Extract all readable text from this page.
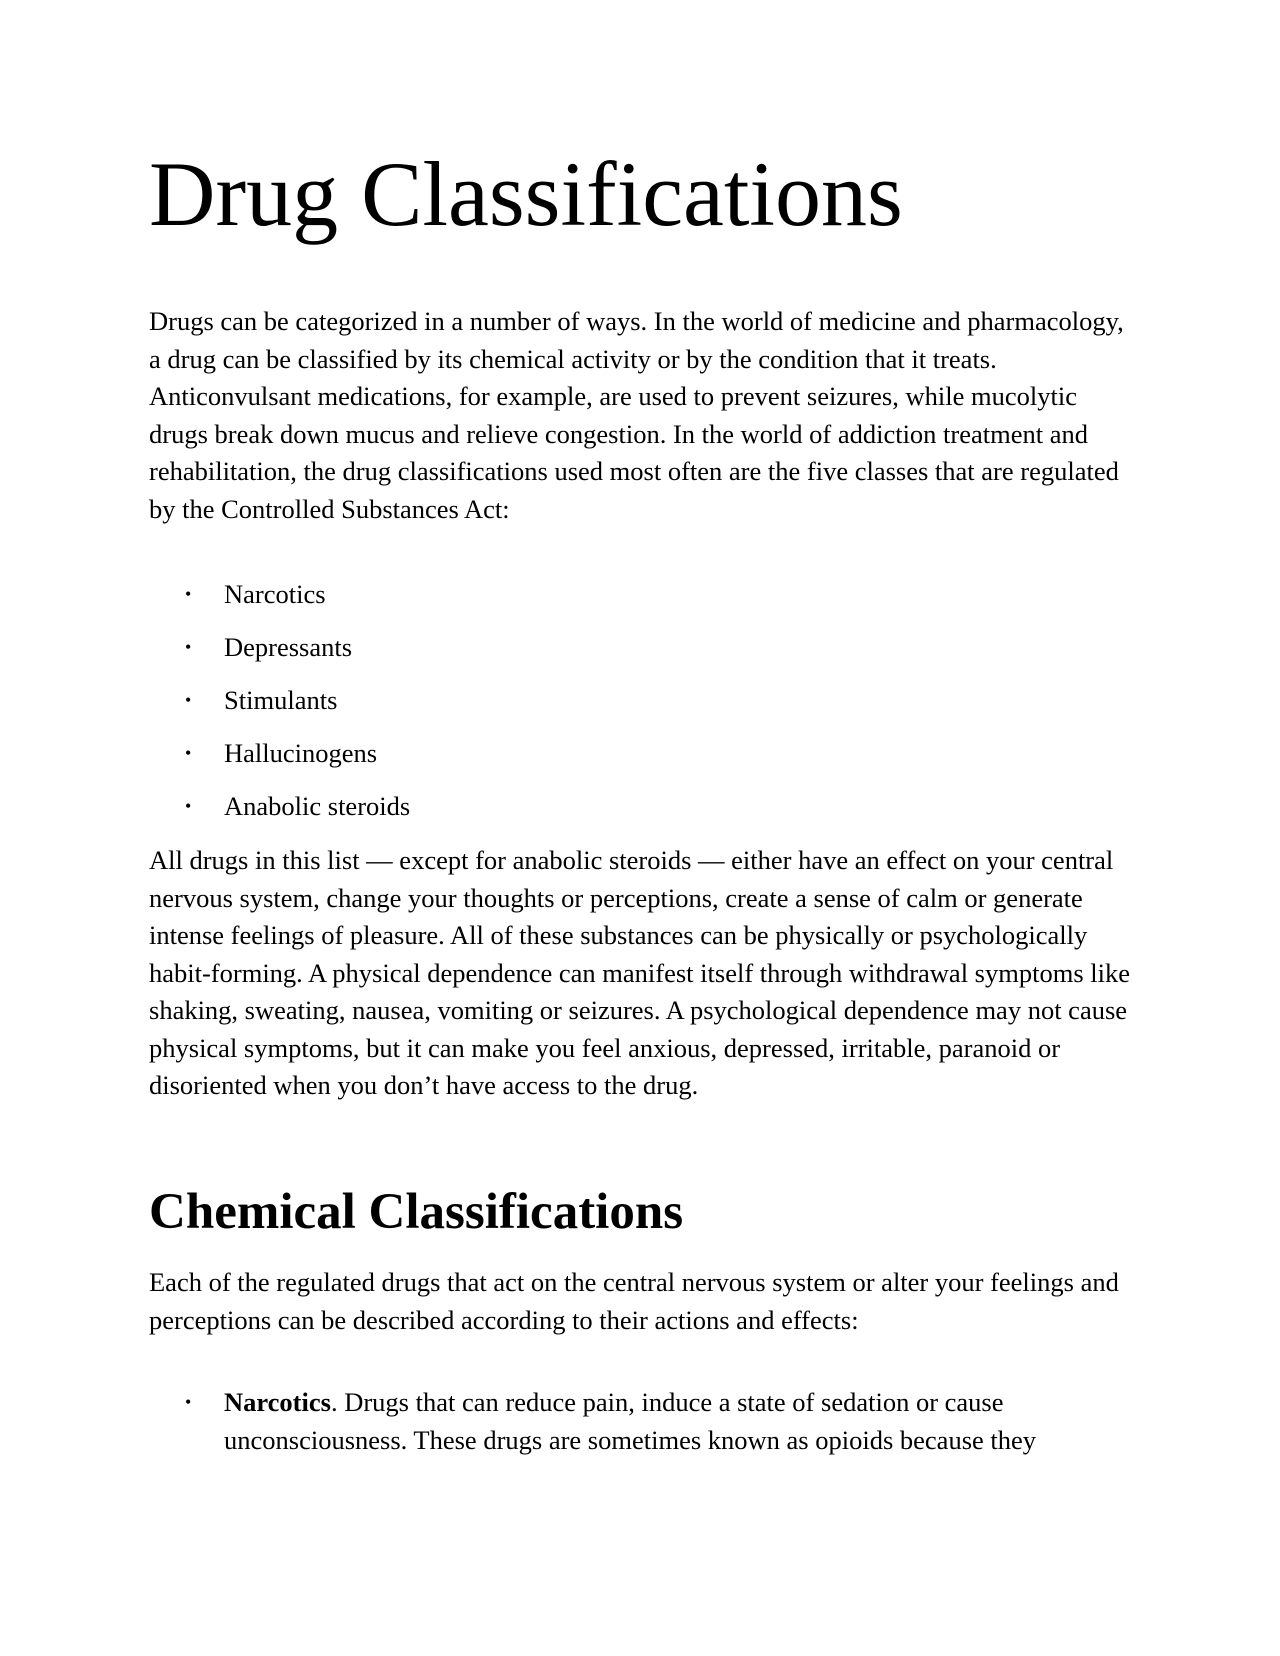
Drug Classifications

Drugs can be categorized in a number of ways. In the world of medicine and pharmacology, a drug can be classified by its chemical activity or by the condition that it treats. Anticonvulsant medications, for example, are used to prevent seizures, while mucolytic drugs break down mucus and relieve congestion. In the world of addiction treatment and rehabilitation, the drug classifications used most often are the five classes that are regulated by the Controlled Substances Act:

• Narcotics
• Depressants
• Stimulants
• Hallucinogens
• Anabolic steroids

All drugs in this list — except for anabolic steroids — either have an effect on your central nervous system, change your thoughts or perceptions, create a sense of calm or generate intense feelings of pleasure. All of these substances can be physically or psychologically habit-forming. A physical dependence can manifest itself through withdrawal symptoms like shaking, sweating, nausea, vomiting or seizures. A psychological dependence may not cause physical symptoms, but it can make you feel anxious, depressed, irritable, paranoid or disoriented when you don’t have access to the drug.

Chemical Classifications

Each of the regulated drugs that act on the central nervous system or alter your feelings and perceptions can be described according to their actions and effects:

• Narcotics. Drugs that can reduce pain, induce a state of sedation or cause unconsciousness. These drugs are sometimes known as opioids because they
